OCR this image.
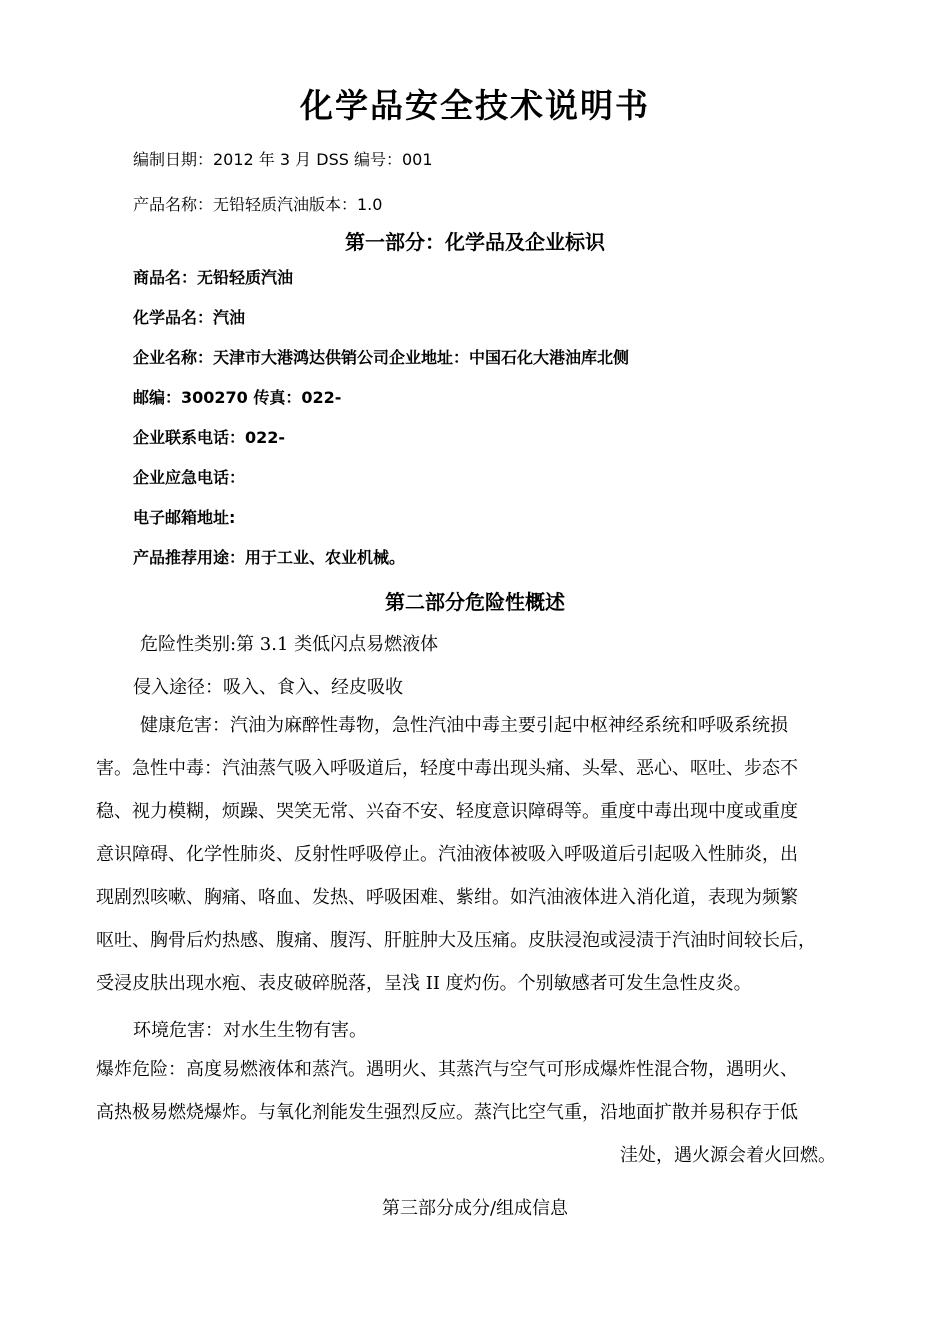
化学品安全技术说明书
编制日期：2012 年 3 月 DSS 编号：001
产品名称：无铅轻质汽油版本：1.0
第一部分：化学品及企业标识
商品名：无铅轻质汽油
化学品名：汽油
企业名称：天津市大港鸿达供销公司企业地址：中国石化大港油库北侧
邮编：300270 传真：022-
企业联系电话：022-
企业应急电话：
电子邮箱地址:
产品推荐用途：用于工业、农业机械。
第二部分危险性概述
危险性类别:第 3.1 类低闪点易燃液体
侵入途径：吸入、食入、经皮吸收
健康危害：汽油为麻醉性毒物，急性汽油中毒主要引起中枢神经系统和呼吸系统损
害。急性中毒：汽油蒸气吸入呼吸道后，轻度中毒出现头痛、头晕、恶心、呕吐、步态不
稳、视力模糊，烦躁、哭笑无常、兴奋不安、轻度意识障碍等。重度中毒出现中度或重度
意识障碍、化学性肺炎、反射性呼吸停止。汽油液体被吸入呼吸道后引起吸入性肺炎，出
现剧烈咳嗽、胸痛、咯血、发热、呼吸困难、紫绀。如汽油液体进入消化道，表现为频繁
呕吐、胸骨后灼热感、腹痛、腹泻、肝脏肿大及压痛。皮肤浸泡或浸渍于汽油时间较长后，
受浸皮肤出现水疱、表皮破碎脱落，呈浅 II 度灼伤。个别敏感者可发生急性皮炎。
环境危害：对水生生物有害。
爆炸危险：高度易燃液体和蒸汽。遇明火、其蒸汽与空气可形成爆炸性混合物，遇明火、
高热极易燃烧爆炸。与氧化剂能发生强烈反应。蒸汽比空气重，沿地面扩散并易积存于低
洼处，遇火源会着火回燃。
第三部分成分/组成信息
